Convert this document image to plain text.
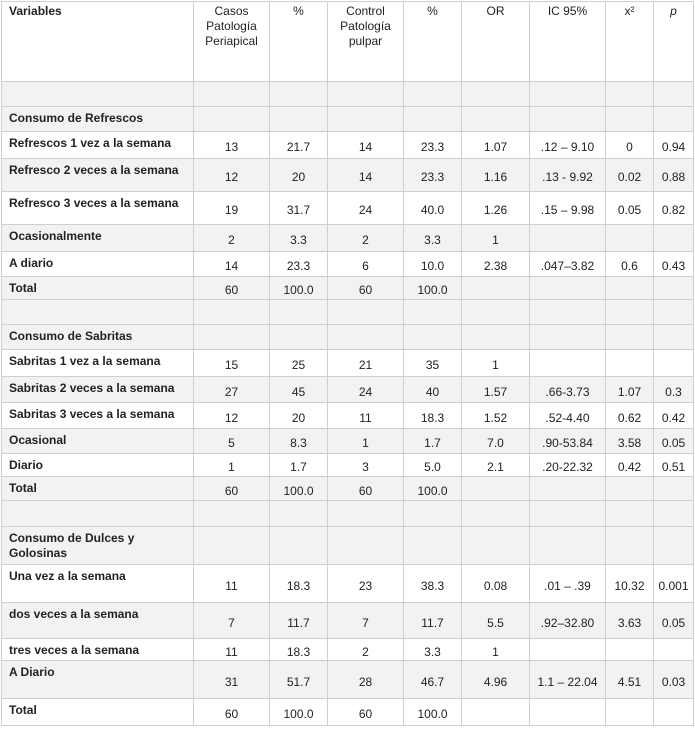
Variables	Casos Patología Periapical	%	Control Patología pulpar	%	OR	IC 95%	x²	p

Consumo de Refrescos								
Refrescos 1 vez a la semana	13	21.7	14	23.3	1.07	.12 – 9.10	0	0.94
Refresco 2 veces a la semana	12	20	14	23.3	1.16	.13 - 9.92	0.02	0.88
Refresco 3 veces a la semana	19	31.7	24	40.0	1.26	.15 – 9.98	0.05	0.82
Ocasionalmente	2	3.3	2	3.3	1			
A diario	14	23.3	6	10.0	2.38	.047–3.82	0.6	0.43
Total	60	100.0	60	100.0				

Consumo de Sabritas								
Sabritas 1 vez a la semana	15	25	21	35	1			
Sabritas 2 veces a la semana	27	45	24	40	1.57	.66-3.73	1.07	0.3
Sabritas 3 veces a la semana	12	20	11	18.3	1.52	.52-4.40	0.62	0.42
Ocasional	5	8.3	1	1.7	7.0	.90-53.84	3.58	0.05
Diario	1	1.7	3	5.0	2.1	.20-22.32	0.42	0.51
Total	60	100.0	60	100.0				

Consumo de Dulces y Golosinas								
Una vez a la semana	11	18.3	23	38.3	0.08	.01 – .39	10.32	0.001
dos veces a la semana	7	11.7	7	11.7	5.5	.92–32.80	3.63	0.05
tres veces a la semana	11	18.3	2	3.3	1			
A Diario	31	51.7	28	46.7	4.96	1.1 – 22.04	4.51	0.03
Total	60	100.0	60	100.0				
